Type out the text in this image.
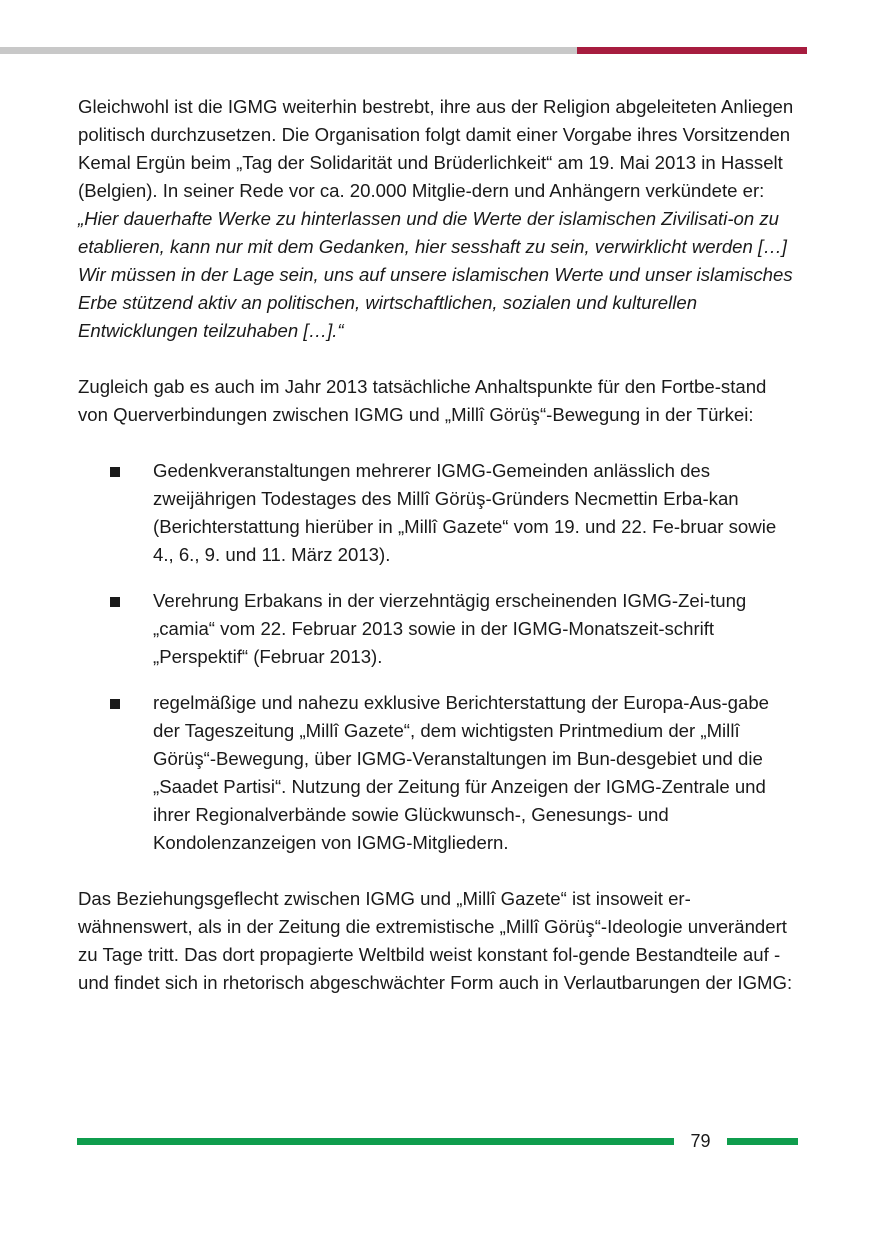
Gleichwohl ist die IGMG weiterhin bestrebt, ihre aus der Religion abgeleiteten Anliegen politisch durchzusetzen. Die Organisation folgt damit einer Vorgabe ihres Vorsitzenden Kemal Ergün beim „Tag der Solidarität und Brüderlichkeit“ am 19. Mai 2013 in Hasselt (Belgien). In seiner Rede vor ca. 20.000 Mitglie-dern und Anhängern verkündete er:

„Hier dauerhafte Werke zu hinterlassen und die Werte der islamischen Zivilisati-on zu etablieren, kann nur mit dem Gedanken, hier sesshaft zu sein, verwirklicht werden […] Wir müssen in der Lage sein, uns auf unsere islamischen Werte und unser islamisches Erbe stützend aktiv an politischen, wirtschaftlichen, sozialen und kulturellen Entwicklungen teilzuhaben […].“

Zugleich gab es auch im Jahr 2013 tatsächliche Anhaltspunkte für den Fortbe-stand von Querverbindungen zwischen IGMG und „Millî Görüş“-Bewegung in der Türkei:

Gedenkveranstaltungen mehrerer IGMG-Gemeinden anlässlich des zweijährigen Todestages des Millî Görüş-Gründers Necmettin Erba-kan (Berichterstattung hierüber in „Millî Gazete“ vom 19. und 22. Fe-bruar sowie 4., 6., 9. und 11. März 2013).
Verehrung Erbakans in der vierzehntägig erscheinenden IGMG-Zei-tung „camia“ vom 22. Februar 2013 sowie in der IGMG-Monatszeit-schrift „Perspektif“ (Februar 2013).
regelmäßige und nahezu exklusive Berichterstattung der Europa-Aus-gabe der Tageszeitung „Millî Gazete“, dem wichtigsten Printmedium der „Millî Görüş“-Bewegung, über IGMG-Veranstaltungen im Bun-desgebiet und die „Saadet Partisi“. Nutzung der Zeitung für Anzeigen der IGMG-Zentrale und ihrer Regionalverbände sowie Glückwunsch-, Genesungs- und Kondolenzanzeigen von IGMG-Mitgliedern.

Das Beziehungsgeflecht zwischen IGMG und „Millî Gazete“ ist insoweit er-wähnenswert, als in der Zeitung die extremistische „Millî Görüş“-Ideologie unverändert zu Tage tritt. Das dort propagierte Weltbild weist konstant fol-gende Bestandteile auf - und findet sich in rhetorisch abgeschwächter Form auch in Verlautbarungen der IGMG:

79
